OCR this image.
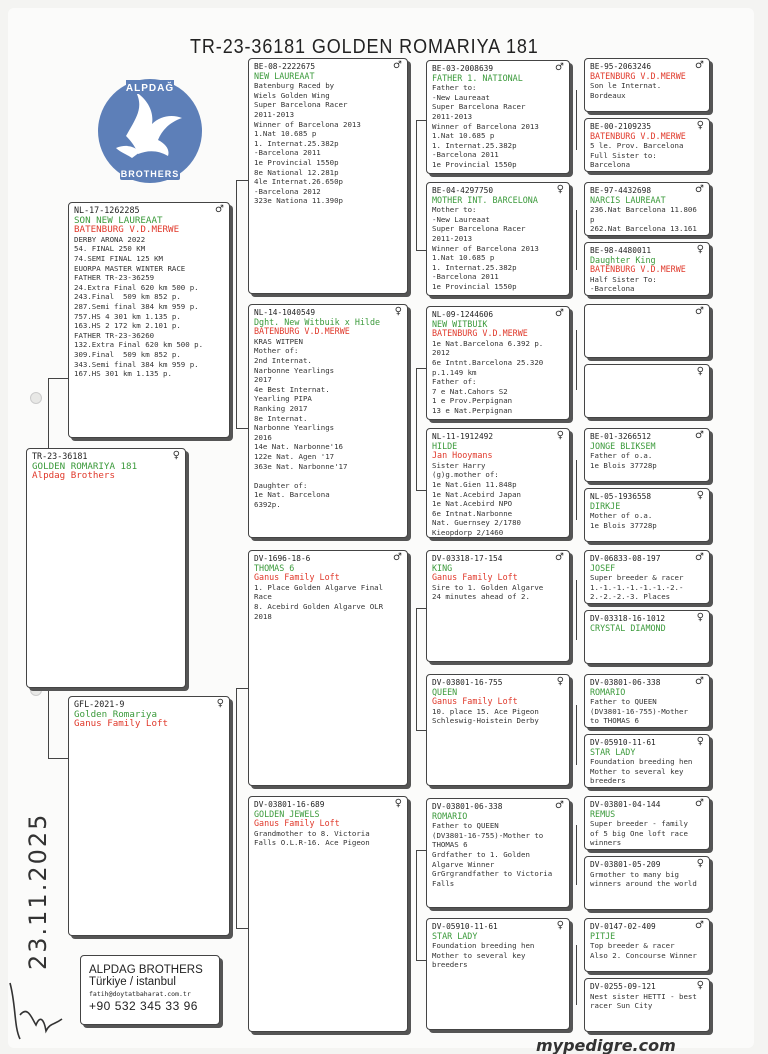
TR-23-36181 GOLDEN ROMARIYA 181
ALPDAĞ
BROTHERS
♂
NL-17-1262285
SON NEW LAUREAAT
BATENBURG V.D.MERWE
DERBY ARONA 2022
54. FINAL 250 KM
74.SEMI FINAL 125 KM
EUORPA MASTER WINTER RACE
FATHER TR-23-36259
24.Extra Final 620 km 500 p.
243.Final  509 km 852 p.
287.Semi final 384 km 959 p.
757.HS 4 301 km 1.135 p.
163.HS 2 172 km 2.101 p.
FATHER TR-23-36260
132.Extra Final 620 km 500 p.
309.Final  509 km 852 p.
343.Semi final 384 km 959 p.
167.HS 301 km 1.135 p.
♀
TR-23-36181
GOLDEN ROMARIYA 181
Alpdag Brothers
♀
GFL-2021-9
Golden Romariya
Ganus Family Loft
♂
BE-08-2222675
NEW LAUREAAT
Batenburg Raced by
Wiels Golden Wing
Super Barcelona Racer
2011-2013
Winner of Barcelona 2013
1.Nat 10.685 p
1. Internat.25.382p
-Barcelona 2011
1e Provincial 1550p
8e National 12.281p
4le Internat.26.650p
-Barcelona 2012
323e Nationa 11.390p
♀
NL-14-1040549
Dght. New Witbuik x Hilde
BATENBURG V.D.MERWE
KRAS WITPEN
Mother of:
2nd Internat.
Narbonne Yearlings
2017
4e Best Internat.
Yearling PIPA
Ranking 2017
8e Internat.
Narbonne Yearlings
2016
14e Nat. Narbonne'16
122e Nat. Agen '17
363e Nat. Narbonne'17

Daughter of:
1e Nat. Barcelona
6392p.
♂
DV-1696-18-6
THOMAS 6
Ganus Family Loft
1. Place Golden Algarve Final
Race
8. Acebird Golden Algarve OLR
2018
♀
DV-03801-16-689
GOLDEN JEWELS
Ganus Family Loft
Grandmother to 8. Victoria
Falls O.L.R-16. Ace Pigeon
♂
BE-03-2008639
FATHER 1. NATIONAL
Father to:
-New Laureaat
Super Barcelona Racer
2011-2013
Winner of Barcelona 2013
1.Nat 10.685 p
1. Internat.25.382p
-Barcelona 2011
1e Provincial 1550p
♀
BE-04-4297750
MOTHER INT. BARCELONA
Mother to:
-New Laureaat
Super Barcelona Racer
2011-2013
Winner of Barcelona 2013
1.Nat 10.685 p
1. Internat.25.382p
-Barcelona 2011
1e Provincial 1550p
♂
NL-09-1244606
NEW WITBUIK
BATENBURG V.D.MERWE
1e Nat.Barcelona 6.392 p.
2012
6e Intnt.Barcelona 25.320
p.1.149 km
Father of:
7 e Nat.Cahors S2
1 e Prov.Perpignan
13 e Nat.Perpignan
♀
NL-11-1912492
HILDE
Jan Hooymans
Sister Harry
(g)g.mother of:
1e Nat.Gien 11.848p
1e Nat.Acebird Japan
1e Nat.Acebird NPO
6e Intnat.Narbonne
Nat. Guernsey 2/1780
Kieopdorp 2/1460
♂
DV-03318-17-154
KING
Ganus Family Loft
Sire to 1. Golden Algarve
24 minutes ahead of 2.
♀
DV-03801-16-755
QUEEN
Ganus Family Loft
10. place 15. Ace Pigeon
Schleswig-Hoistein Derby
♂
DV-03801-06-338
ROMARIO
Father to QUEEN
(DV3801-16-755)-Mother to
THOMAS 6
Grdfather to 1. Golden
Algarve Winner
GrGrgrandfather to Victoria
Falls
♀
DV-05910-11-61
STAR LADY
Foundation breeding hen
Mother to several key
breeders
♂
BE-95-2063246
BATENBURG V.D.MERWE
Son le Internat.
Bordeaux
♀
BE-00-2109235
BATENBURG V.D.MERWE
5 le. Prov. Barcelona
Full Sister to:
Barcelona
♂
BE-97-4432698
NARCIS LAUREAAT
236.Nat Barcelona 11.806
p
262.Nat Barcelona 13.161
♀
BE-98-4480011
Daughter King
BATENBURG V.D.MERWE
Half Sister To:
-Barcelona
♂
♀
♂
BE-01-3266512
JONGE BLIKSEM
Father of o.a.
1e Blois 37728p
♀
NL-05-1936558
DIRKJE
Mother of o.a.
1e Blois 37728p
♂
DV-06833-08-197
JOSEF
Super breeder & racer
1.-1.-1.-1.-1.-1.-2.-
2.-2.-2.-3. Places
♀
DV-03318-16-1012
CRYSTAL DIAMOND
♂
DV-03801-06-338
ROMARIO
Father to QUEEN
(DV3801-16-755)-Mother
to THOMAS 6
♀
DV-05910-11-61
STAR LADY
Foundation breeding hen
Mother to several key
breeders
♂
DV-03801-04-144
REMUS
Super breeder - family
of 5 big One loft race
winners
♀
DV-03801-05-209
Grmother to many big
winners around the world
♂
DV-0147-02-409
PITJE
Top breeder & racer
Also 2. Concourse Winner
♀
DV-0255-09-121
Nest sister HETTI - best
racer Sun City
ALPDAG BROTHERS
Türkiye / istanbul
fatih@doytatbaharat.com.tr
+90 532 345 33 96
23.11.2025
mypedigre.com
